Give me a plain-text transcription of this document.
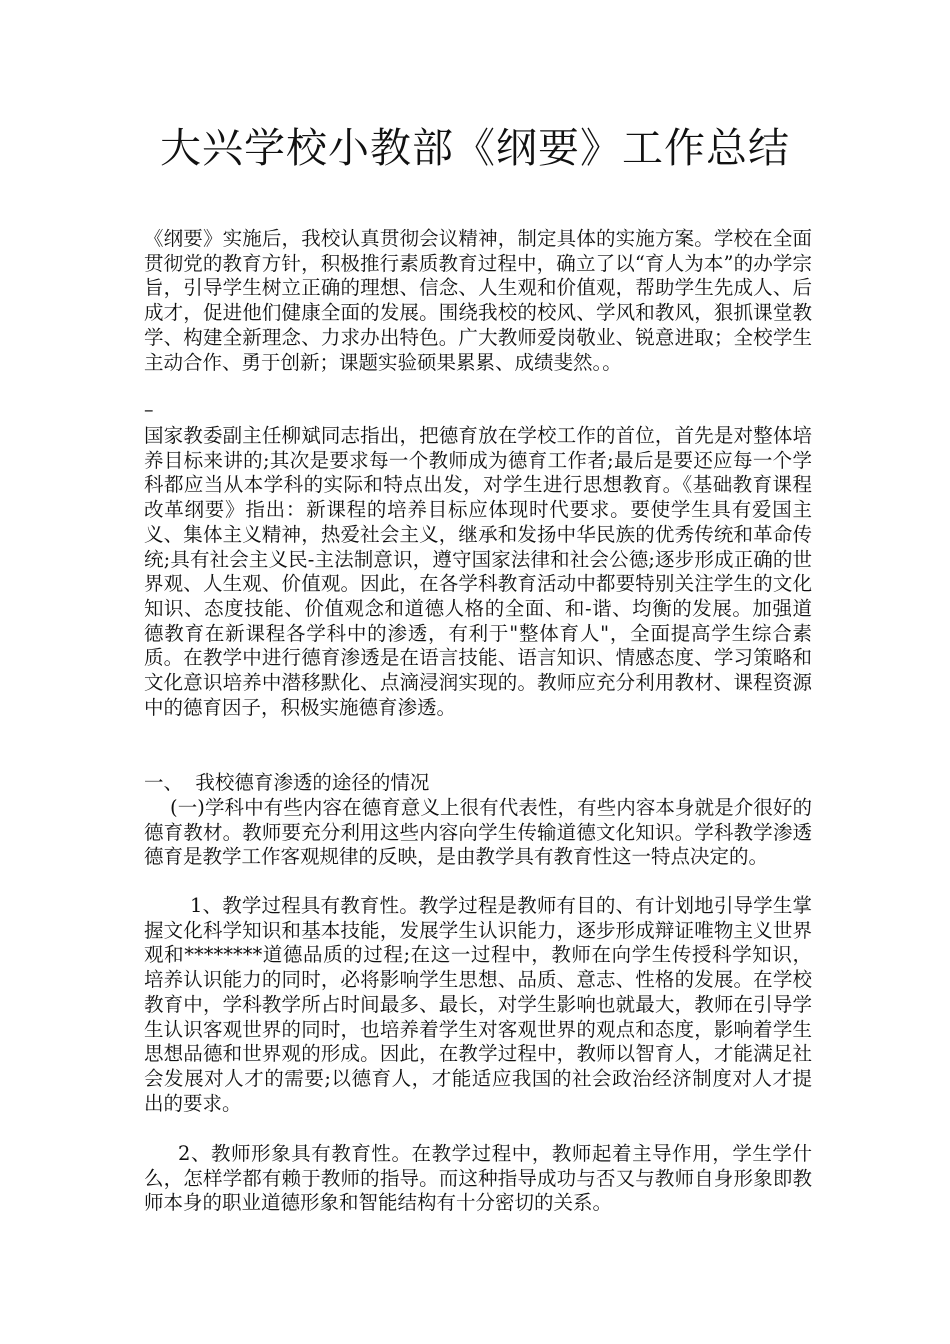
大兴学校小教部《纲要》工作总结

《纲要》实施后，我校认真贯彻会议精神，制定具体的实施方案。学校在全面贯彻党的教育方针，积极推行素质教育过程中，确立了以“育人为本”的办学宗旨，引导学生树立正确的理想、信念、人生观和价值观，帮助学生先成人、后成才，促进他们健康全面的发展。围绕我校的校风、学风和教风，狠抓课堂教学、构建全新理念、力求办出特色。广大教师爱岗敬业、锐意进取；全校学生主动合作、勇于创新；课题实验硕果累累、成绩斐然。。

–

国家教委副主任柳斌同志指出，把德育放在学校工作的首位，首先是对整体培养目标来讲的;其次是要求每一个教师成为德育工作者;最后是要还应每一个学科都应当从本学科的实际和特点出发，对学生进行思想教育。《基础教育课程改革纲要》指出：新课程的培养目标应体现时代要求。要使学生具有爱国主义、集体主义精神，热爱社会主义，继承和发扬中华民族的优秀传统和革命传统;具有社会主义民-主法制意识，遵守国家法律和社会公德;逐步形成正确的世界观、人生观、价值观。因此，在各学科教育活动中都要特别关注学生的文化知识、态度技能、价值观念和道德人格的全面、和-谐、均衡的发展。加强道德教育在新课程各学科中的渗透，有利于"整体育人"，全面提高学生综合素质。在教学中进行德育渗透是在语言技能、语言知识、情感态度、学习策略和文化意识培养中潜移默化、点滴浸润实现的。教师应充分利用教材、课程资源中的德育因子，积极实施德育渗透。

一、  我校德育渗透的途径的情况

(一)学科中有些内容在德育意义上很有代表性，有些内容本身就是介很好的德育教材。教师要充分利用这些内容向学生传输道德文化知识。学科教学渗透德育是教学工作客观规律的反映，是由教学具有教育性这一特点决定的。

1、教学过程具有教育性。教学过程是教师有目的、有计划地引导学生掌握文化科学知识和基本技能，发展学生认识能力，逐步形成辩证唯物主义世界观和********道德品质的过程;在这一过程中，教师在向学生传授科学知识，培养认识能力的同时，必将影响学生思想、品质、意志、性格的发展。在学校教育中，学科教学所占时间最多、最长，对学生影响也就最大，教师在引导学生认识客观世界的同时，也培养着学生对客观世界的观点和态度，影响着学生思想品德和世界观的形成。因此，在教学过程中，教师以智育人，才能满足社会发展对人才的需要;以德育人，才能适应我国的社会政治经济制度对人才提出的要求。

2、教师形象具有教育性。在教学过程中，教师起着主导作用，学生学什么，怎样学都有赖于教师的指导。而这种指导成功与否又与教师自身形象即教师本身的职业道德形象和智能结构有十分密切的关系。
